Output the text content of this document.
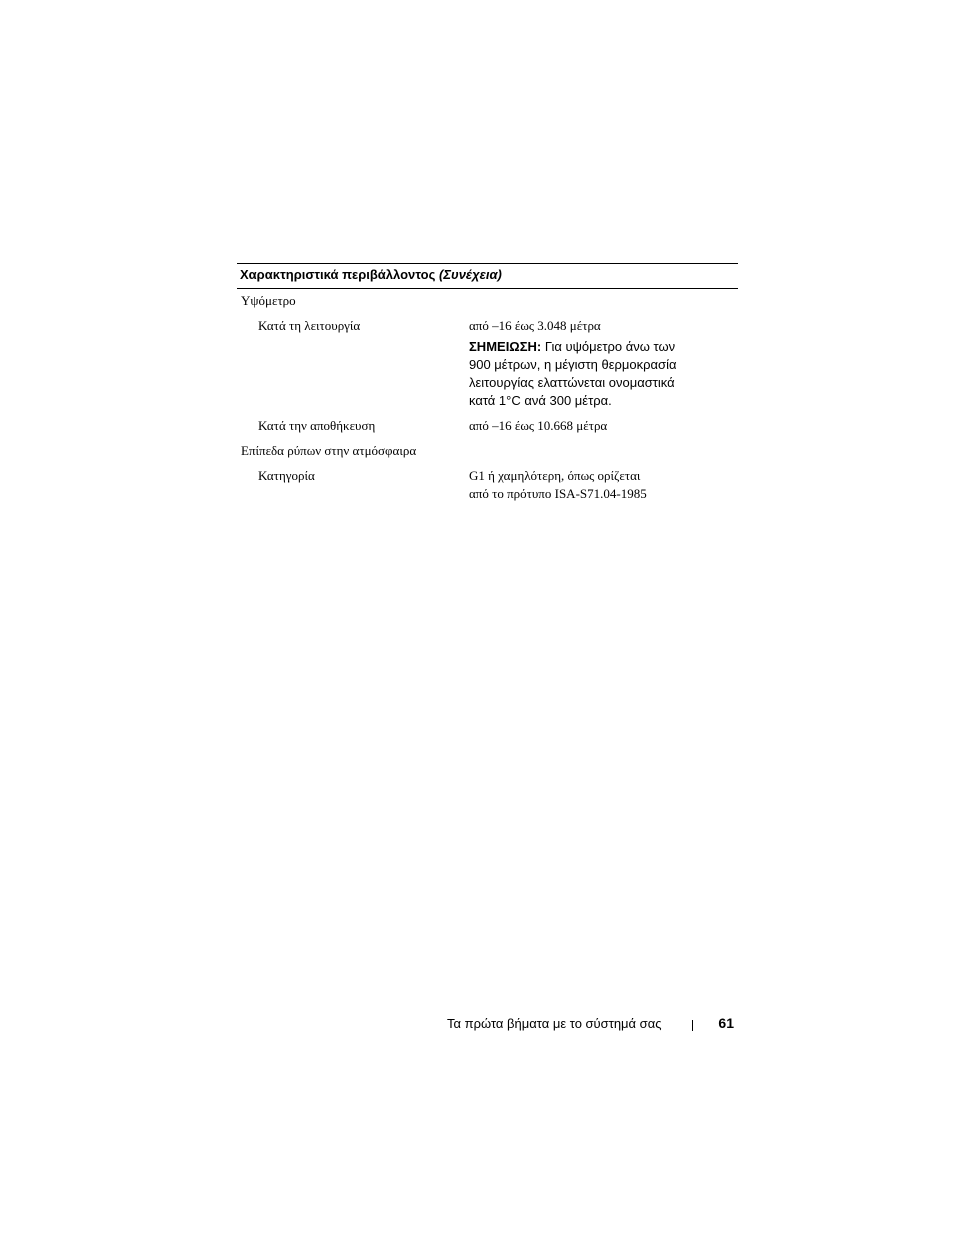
Χαρακτηριστικά περιβάλλοντος (Συνέχεια)
Υψόμετρο
Κατά τη λειτουργία	από –16 έως 3.048 μέτρα
ΣΗΜΕΙΩΣΗ: Για υψόμετρο άνω των
900 μέτρων, η μέγιστη θερμοκρασία
λειτουργίας ελαττώνεται ονομαστικά
κατά 1°C ανά 300 μέτρα.
Κατά την αποθήκευση	από –16 έως 10.668 μέτρα
Επίπεδα ρύπων στην ατμόσφαιρα
Κατηγορία	G1 ή χαμηλότερη, όπως ορίζεται
από το πρότυπο ISA-S71.04-1985
Τα πρώτα βήματα με το σύστημά σας	61
